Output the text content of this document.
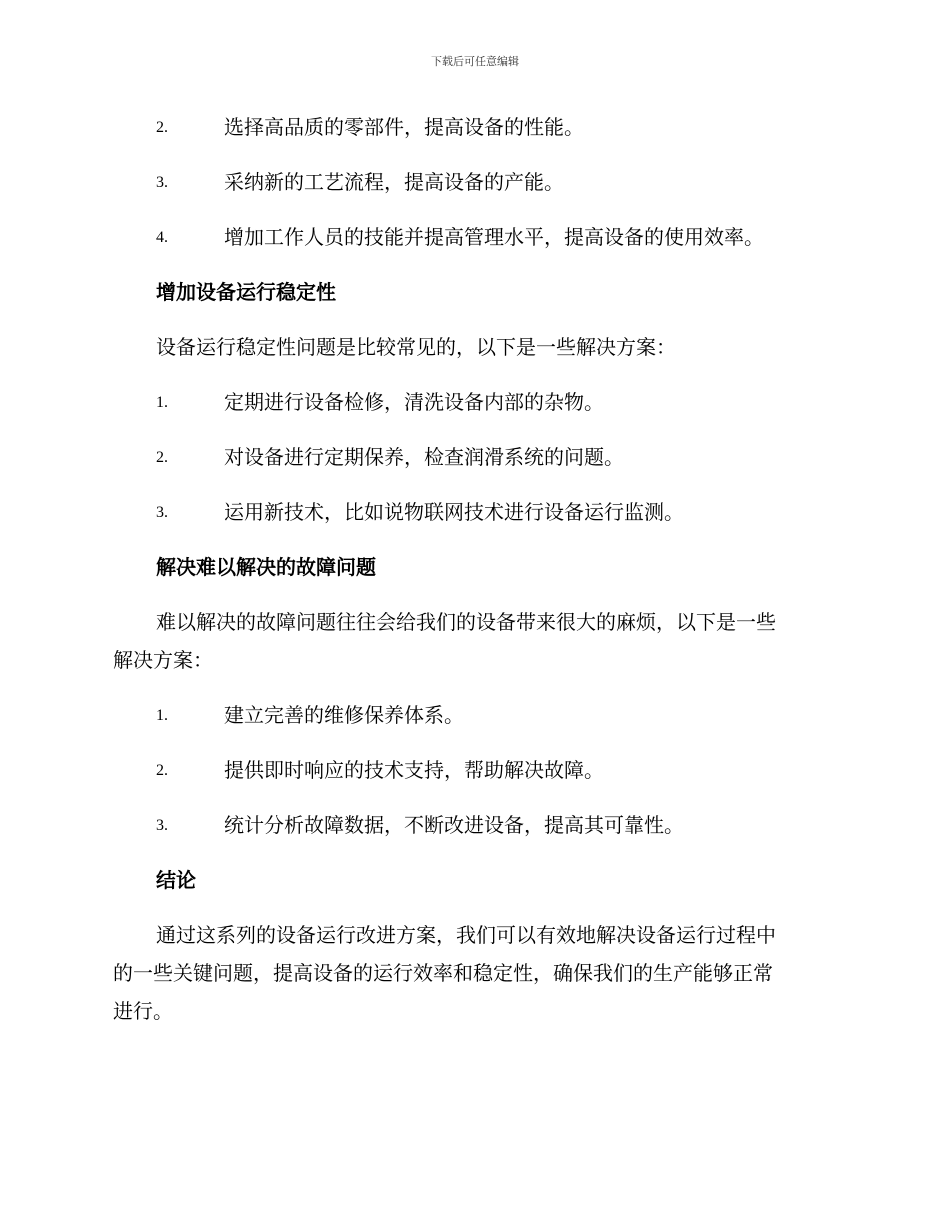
下载后可任意编辑
2.	选择高品质的零部件，提高设备的性能。
3.	采纳新的工艺流程，提高设备的产能。
4.	增加工作人员的技能并提高管理水平，提高设备的使用效率。
增加设备运行稳定性

设备运行稳定性问题是比较常见的，以下是一些解决方案：

1.	定期进行设备检修，清洗设备内部的杂物。
2.	对设备进行定期保养，检查润滑系统的问题。
3.	运用新技术，比如说物联网技术进行设备运行监测。
解决难以解决的故障问题

难以解决的故障问题往往会给我们的设备带来很大的麻烦，以下是一些
解决方案：

1.	建立完善的维修保养体系。
2.	提供即时响应的技术支持，帮助解决故障。
3.	统计分析故障数据，不断改进设备，提高其可靠性。
结论

通过这系列的设备运行改进方案，我们可以有效地解决设备运行过程中
的一些关键问题，提高设备的运行效率和稳定性，确保我们的生产能够正常
进行。
